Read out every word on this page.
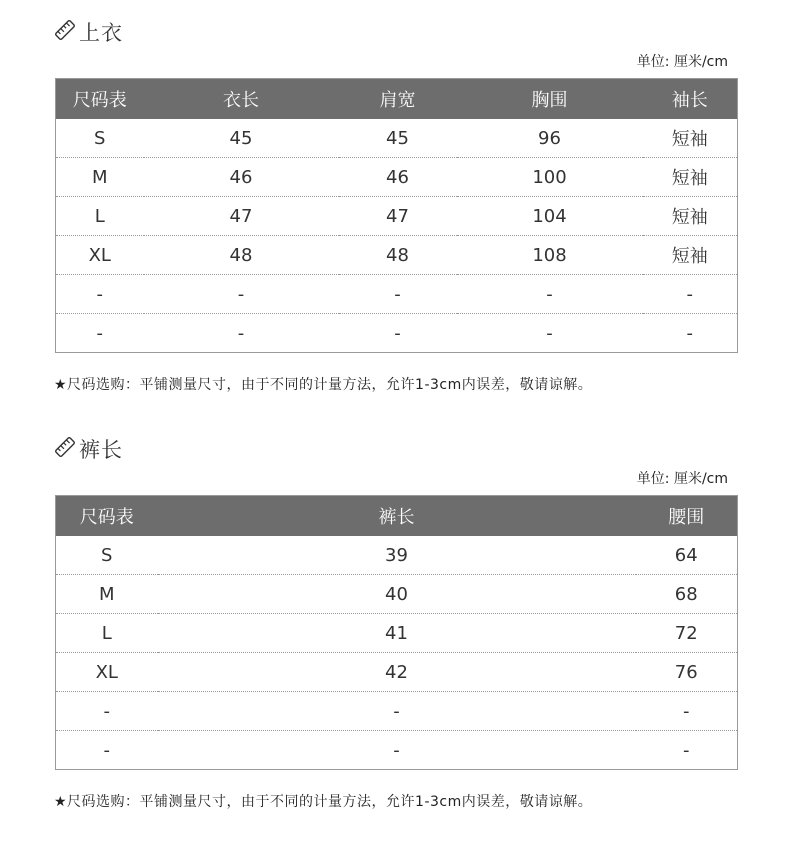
上衣
单位: 厘米/cm
尺码表	衣长	肩宽	胸围	袖长
S	45	45	96	短袖
M	46	46	100	短袖
L	47	47	104	短袖
XL	48	48	108	短袖
-	-	-	-	-
-	-	-	-	-
★尺码选购：平铺测量尺寸，由于不同的计量方法，允许1-3cm内误差，敬请谅解。
裤长
单位: 厘米/cm
尺码表	裤长	腰围
S	39	64
M	40	68
L	41	72
XL	42	76
-	-	-
-	-	-
★尺码选购：平铺测量尺寸，由于不同的计量方法，允许1-3cm内误差，敬请谅解。
